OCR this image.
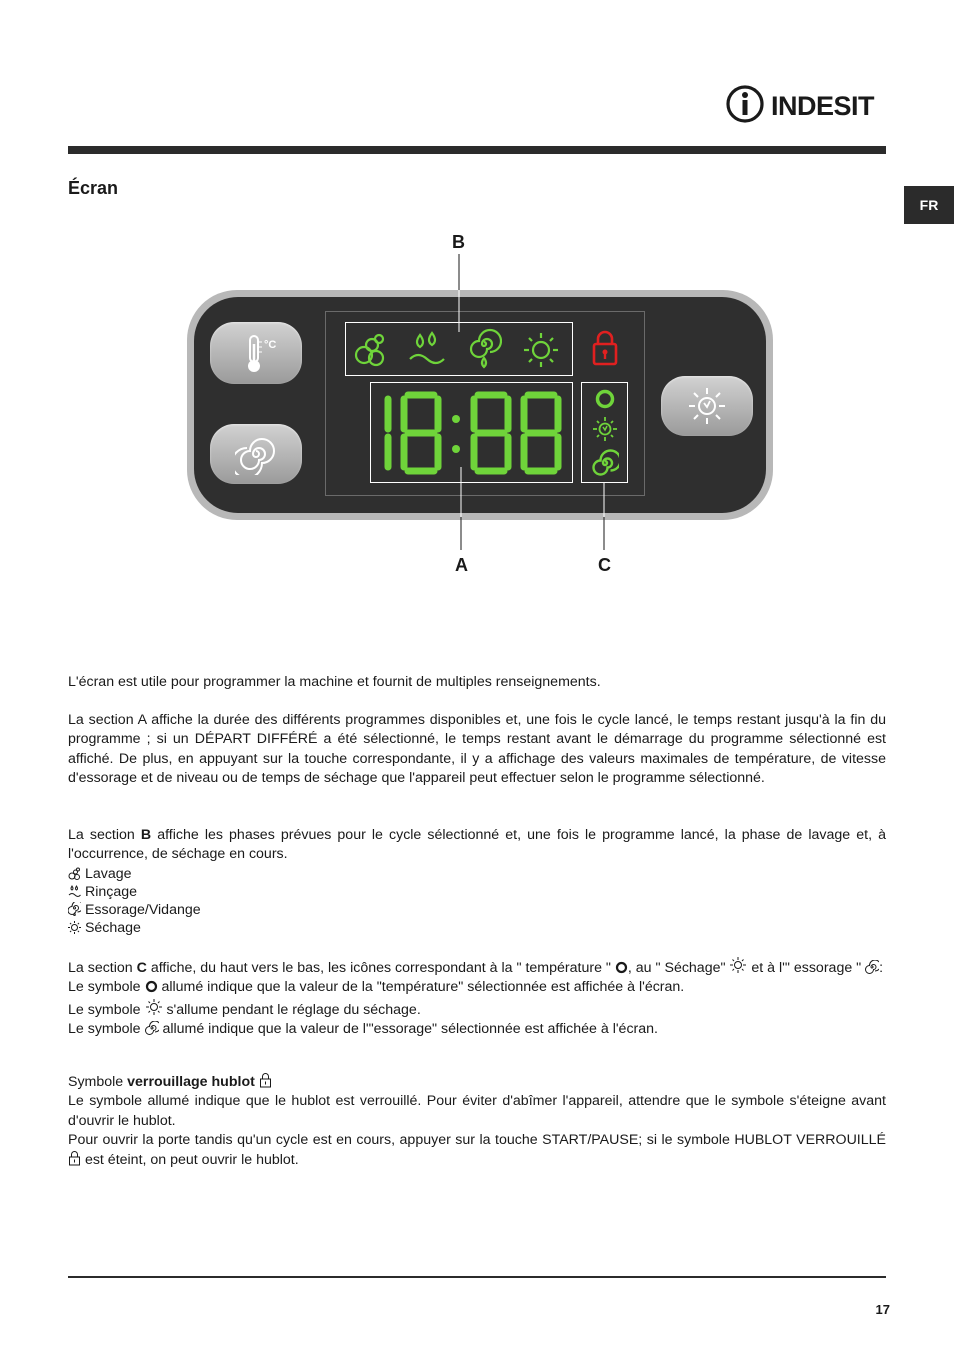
INDESIT
FR
Écran
B
A	C
°C

L'écran est utile pour programmer la machine et fournit de multiples renseignements.

La section A affiche la durée des différents programmes disponibles et, une fois le cycle lancé, le temps restant jusqu'à la fin du programme ; si un DÉPART DIFFÉRÉ a été sélectionné, le temps restant avant le démarrage du programme sélectionné est affiché. De plus, en appuyant sur la touche correspondante, il y a affichage des valeurs maximales de température, de vitesse d'essorage et de niveau ou de temps de séchage que l'appareil peut effectuer selon le programme sélectionné.

La section B affiche les phases prévues pour le cycle sélectionné et, une fois le programme lancé, la phase de lavage et, à l'occurrence, de séchage en cours.

Lavage

Rinçage

Essorage/Vidange

Séchage

La section C affiche, du haut vers le bas, les icônes correspondant à la " température " , au " Séchage"  et à l'" essorage " :

Le symbole  allumé indique que la valeur de la "température" sélectionnée est affichée à l'écran.

Le symbole  s'allume pendant le réglage du séchage.

Le symbole  allumé indique que la valeur de l'"essorage" sélectionnée est affichée à l'écran.

Symbole verrouillage hublot

Le symbole allumé indique que le hublot est verrouillé. Pour éviter d'abîmer l'appareil, attendre que le symbole s'éteigne avant d'ouvrir le hublot.

Pour ouvrir la porte tandis qu'un cycle est en cours, appuyer sur la touche START/PAUSE; si le symbole HUBLOT VERROUILLÉ  est éteint, on peut ouvrir le hublot.

17
